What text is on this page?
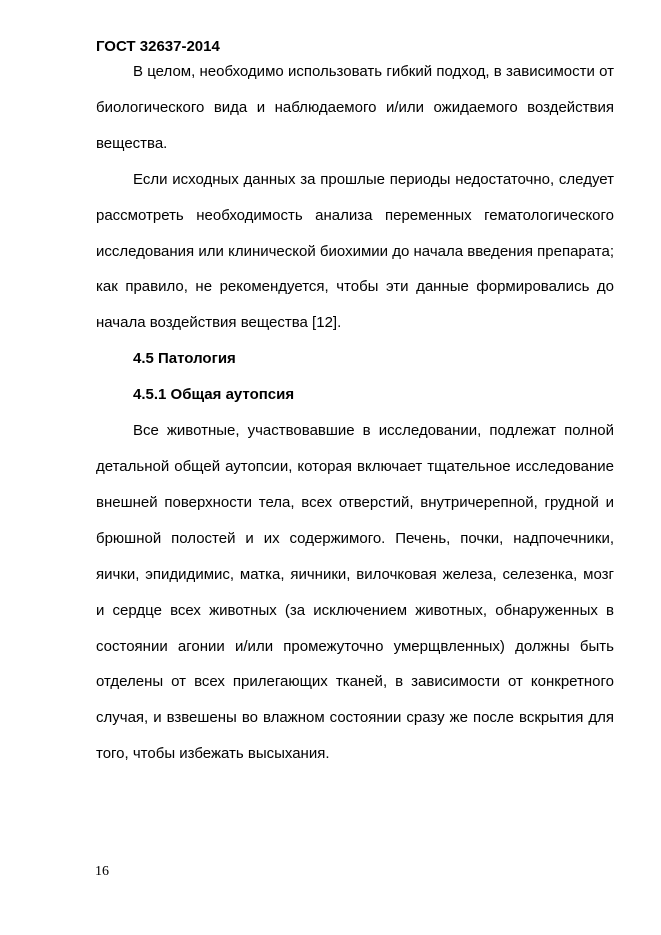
ГОСТ 32637-2014

В целом, необходимо использовать гибкий подход, в зависимости от биологического вида и наблюдаемого и/или ожидаемого воздействия вещества.

Если исходных данных за прошлые периоды недостаточно, следует рассмотреть необходимость анализа переменных гематологического исследования или клинической биохимии до начала введения препарата; как правило, не рекомендуется, чтобы эти данные формировались до начала воздействия вещества [12].

4.5 Патология

4.5.1 Общая аутопсия

Все животные, участвовавшие в исследовании, подлежат полной детальной общей аутопсии, которая включает тщательное исследование внешней поверхности тела, всех отверстий, внутричерепной, грудной и брюшной полостей и их содержимого. Печень, почки, надпочечники, яички, эпидидимис, матка, яичники, вилочковая железа, селезенка, мозг и сердце всех животных (за исключением животных, обнаруженных в состоянии агонии и/или промежуточно умерщвленных) должны быть отделены от всех прилегающих тканей, в зависимости от конкретного случая, и взвешены во влажном состоянии сразу же после вскрытия для того, чтобы избежать высыхания.

16
